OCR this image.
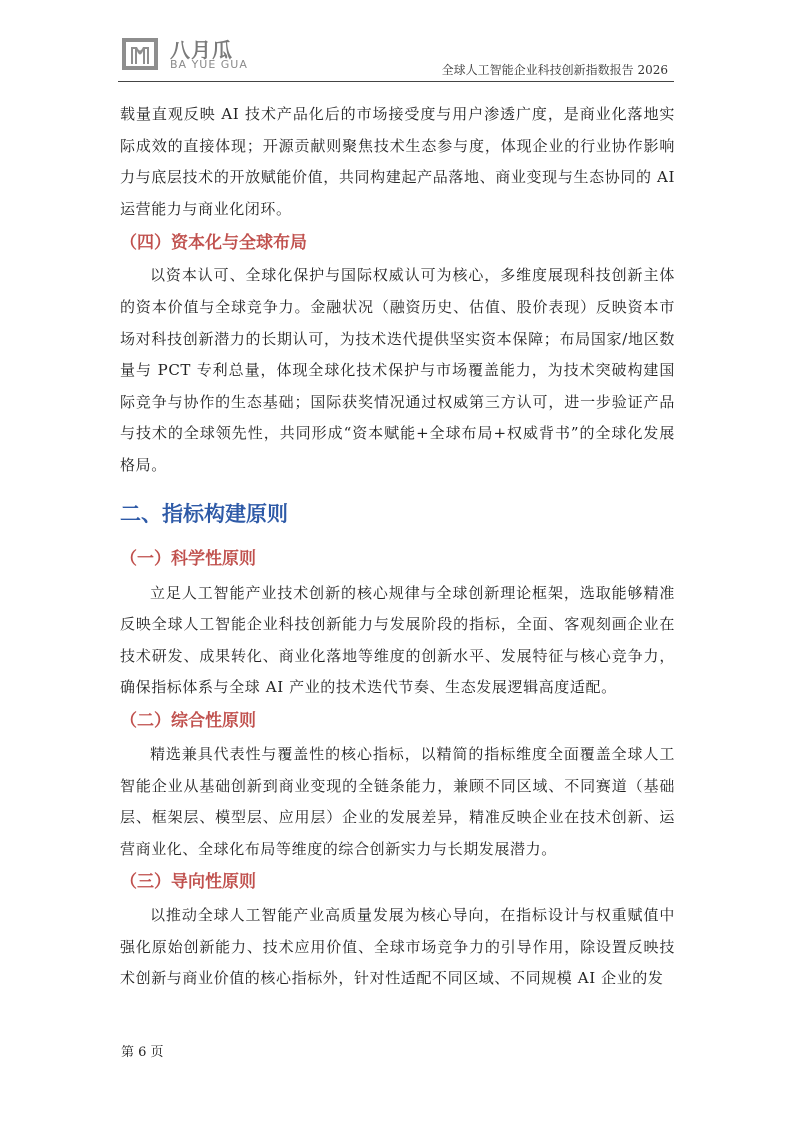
八月瓜
BA YUE GUA	全球人工智能企业科技创新指数报告 2026

载量直观反映 AI 技术产品化后的市场接受度与用户渗透广度，是商业化落地实际成效的直接体现；开源贡献则聚焦技术生态参与度，体现企业的行业协作影响力与底层技术的开放赋能价值，共同构建起产品落地、商业变现与生态协同的 AI 运营能力与商业化闭环。

（四）资本化与全球布局

以资本认可、全球化保护与国际权威认可为核心，多维度展现科技创新主体的资本价值与全球竞争力。金融状况（融资历史、估值、股价表现）反映资本市场对科技创新潜力的长期认可，为技术迭代提供坚实资本保障；布局国家/地区数量与 PCT 专利总量，体现全球化技术保护与市场覆盖能力，为技术突破构建国际竞争与协作的生态基础；国际获奖情况通过权威第三方认可，进一步验证产品与技术的全球领先性，共同形成“资本赋能+全球布局+权威背书”的全球化发展格局。

二、指标构建原则
（一）科学性原则

立足人工智能产业技术创新的核心规律与全球创新理论框架，选取能够精准反映全球人工智能企业科技创新能力与发展阶段的指标，全面、客观刻画企业在技术研发、成果转化、商业化落地等维度的创新水平、发展特征与核心竞争力，确保指标体系与全球 AI 产业的技术迭代节奏、生态发展逻辑高度适配。

（二）综合性原则

精选兼具代表性与覆盖性的核心指标，以精简的指标维度全面覆盖全球人工智能企业从基础创新到商业变现的全链条能力，兼顾不同区域、不同赛道（基础层、框架层、模型层、应用层）企业的发展差异，精准反映企业在技术创新、运营商业化、全球化布局等维度的综合创新实力与长期发展潜力。

（三）导向性原则

以推动全球人工智能产业高质量发展为核心导向，在指标设计与权重赋值中强化原始创新能力、技术应用价值、全球市场竞争力的引导作用，除设置反映技术创新与商业价值的核心指标外，针对性适配不同区域、不同规模 AI 企业的发

第 6 页
